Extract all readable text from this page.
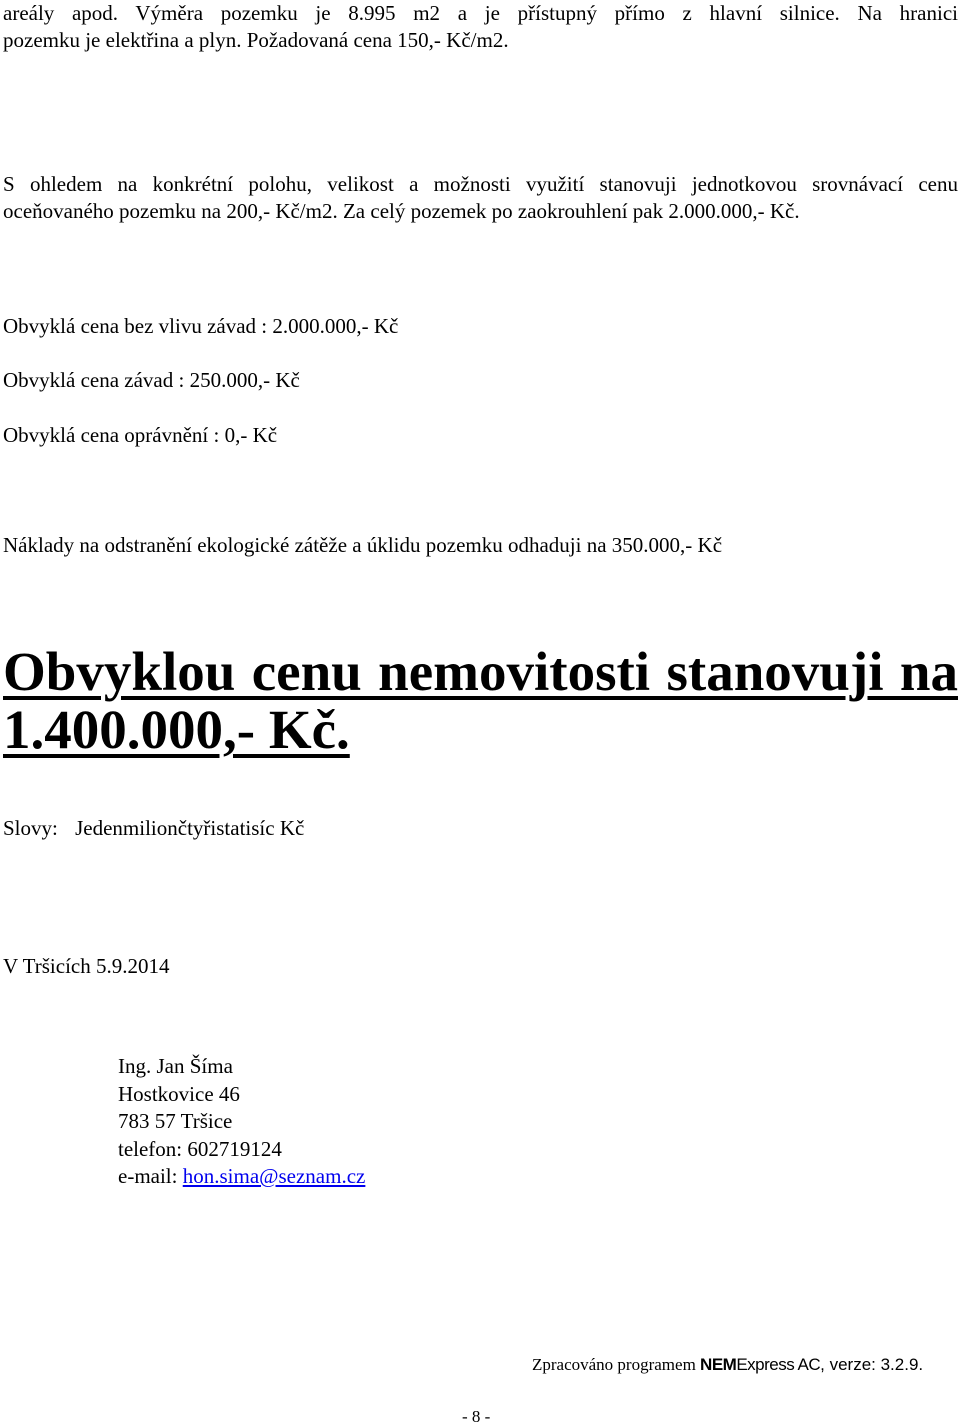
areály apod. Výměra pozemku je 8.995 m2 a je přístupný přímo z hlavní silnice. Na hranici
pozemku je elektřina a plyn. Požadovaná cena 150,- Kč/m2.
S ohledem na konkrétní polohu, velikost a možnosti využití stanovuji jednotkovou srovnávací cenu
oceňovaného pozemku na 200,- Kč/m2. Za celý pozemek po zaokrouhlení pak 2.000.000,- Kč.
Obvyklá cena bez vlivu závad : 2.000.000,- Kč
Obvyklá cena závad : 250.000,- Kč
Obvyklá cena oprávnění : 0,- Kč
Náklady na odstranění ekologické zátěže a úklidu pozemku odhaduji na 350.000,- Kč
Obvyklou cenu nemovitosti stanovuji na
1.400.000,- Kč.
Slovy: Jedenmiliončtyřistatisíc Kč
V Tršicích 5.9.2014
Ing. Jan Šíma
Hostkovice 46
783 57 Tršice
telefon: 602719124
e-mail: hon.sima@seznam.cz
Zpracováno programem NEMExpress AC, verze: 3.2.9.
- 8 -
